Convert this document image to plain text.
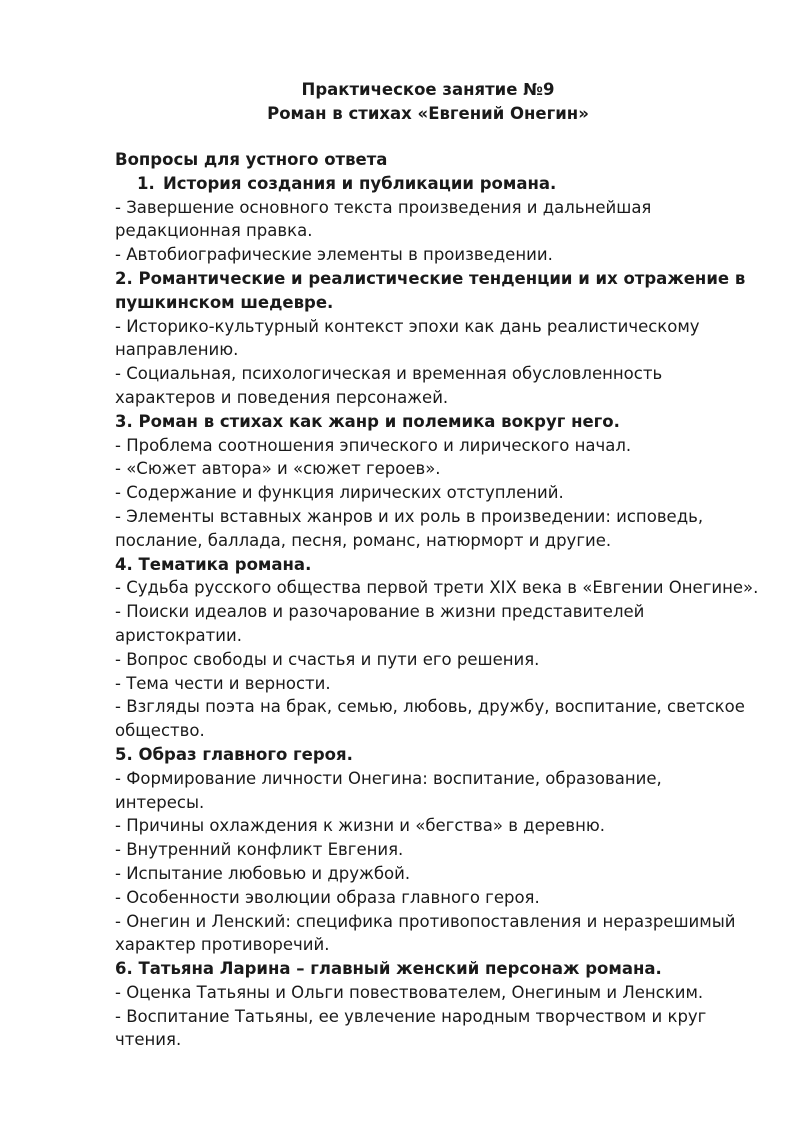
Практическое занятие №9
Роман в стихах «Евгений Онегин»
Вопросы для устного ответа
1. История создания и публикации романа.
- Завершение основного текста произведения и дальнейшая
редакционная правка.
- Автобиографические элементы в произведении.
2. Романтические и реалистические тенденции и их отражение в
пушкинском шедевре.
- Историко-культурный контекст эпохи как дань реалистическому
направлению.
- Социальная, психологическая и временная обусловленность
характеров и поведения персонажей.
3. Роман в стихах как жанр и полемика вокруг него.
- Проблема соотношения эпического и лирического начал.
- «Сюжет автора» и «сюжет героев».
- Содержание и функция лирических отступлений.
- Элементы вставных жанров и их роль в произведении: исповедь,
послание, баллада, песня, романс, натюрморт и другие.
4. Тематика романа.
- Судьба русского общества первой трети XIX века в «Евгении Онегине».
- Поиски идеалов и разочарование в жизни представителей
аристократии.
- Вопрос свободы и счастья и пути его решения.
- Тема чести и верности.
- Взгляды поэта на брак, семью, любовь, дружбу, воспитание, светское
общество.
5. Образ главного героя.
- Формирование личности Онегина: воспитание, образование,
интересы.
- Причины охлаждения к жизни и «бегства» в деревню.
- Внутренний конфликт Евгения.
- Испытание любовью и дружбой.
- Особенности эволюции образа главного героя.
- Онегин и Ленский: специфика противопоставления и неразрешимый
характер противоречий.
6. Татьяна Ларина – главный женский персонаж романа.
- Оценка Татьяны и Ольги повествователем, Онегиным и Ленским.
- Воспитание Татьяны, ее увлечение народным творчеством и круг
чтения.
